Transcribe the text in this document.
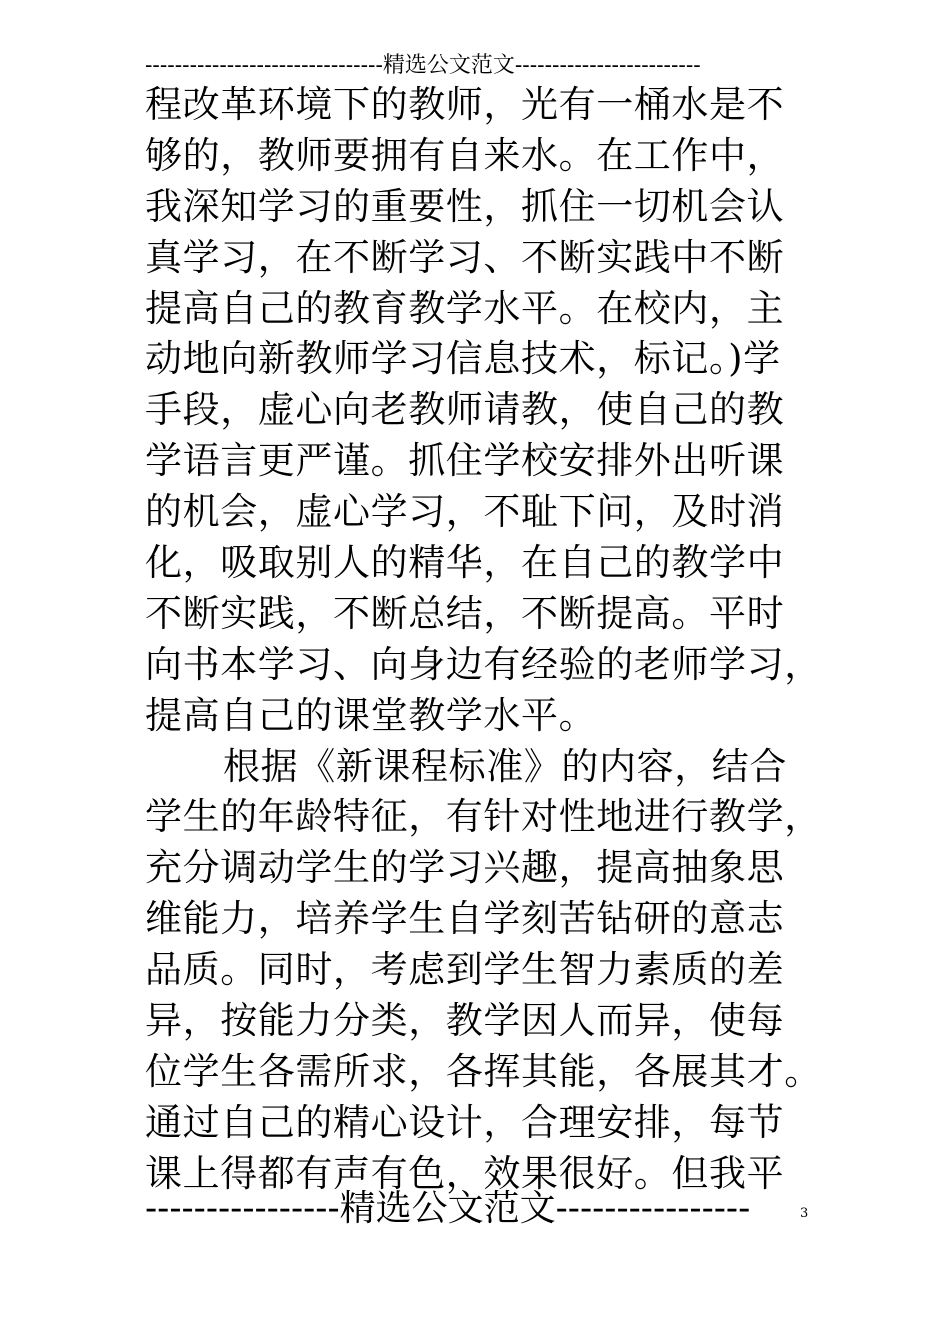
--------------------------------精选公文范文-------------------------
程改革环境下的教师，光有一桶水是不
够的，教师要拥有自来水。在工作中，
我深知学习的重要性，抓住一切机会认
真学习，在不断学习、不断实践中不断
提高自己的教育教学水平。在校内，主
动地向新教师学习信息技术，标记。)学
手段，虚心向老教师请教，使自己的教
学语言更严谨。抓住学校安排外出听课
的机会，虚心学习，不耻下问，及时消
化，吸取别人的精华，在自己的教学中
不断实践，不断总结，不断提高。平时
向书本学习、向身边有经验的老师学习，
提高自己的课堂教学水平。
根据《新课程标准》的内容，结合
学生的年龄特征，有针对性地进行教学，
充分调动学生的学习兴趣，提高抽象思
维能力，培养学生自学刻苦钻研的意志
品质。同时，考虑到学生智力素质的差
异，按能力分类，教学因人而异，使每
位学生各需所求，各挥其能，各展其才。
通过自己的精心设计，合理安排，每节
课上得都有声有色，效果很好。但我平
----------------精选公文范文----------------	3
